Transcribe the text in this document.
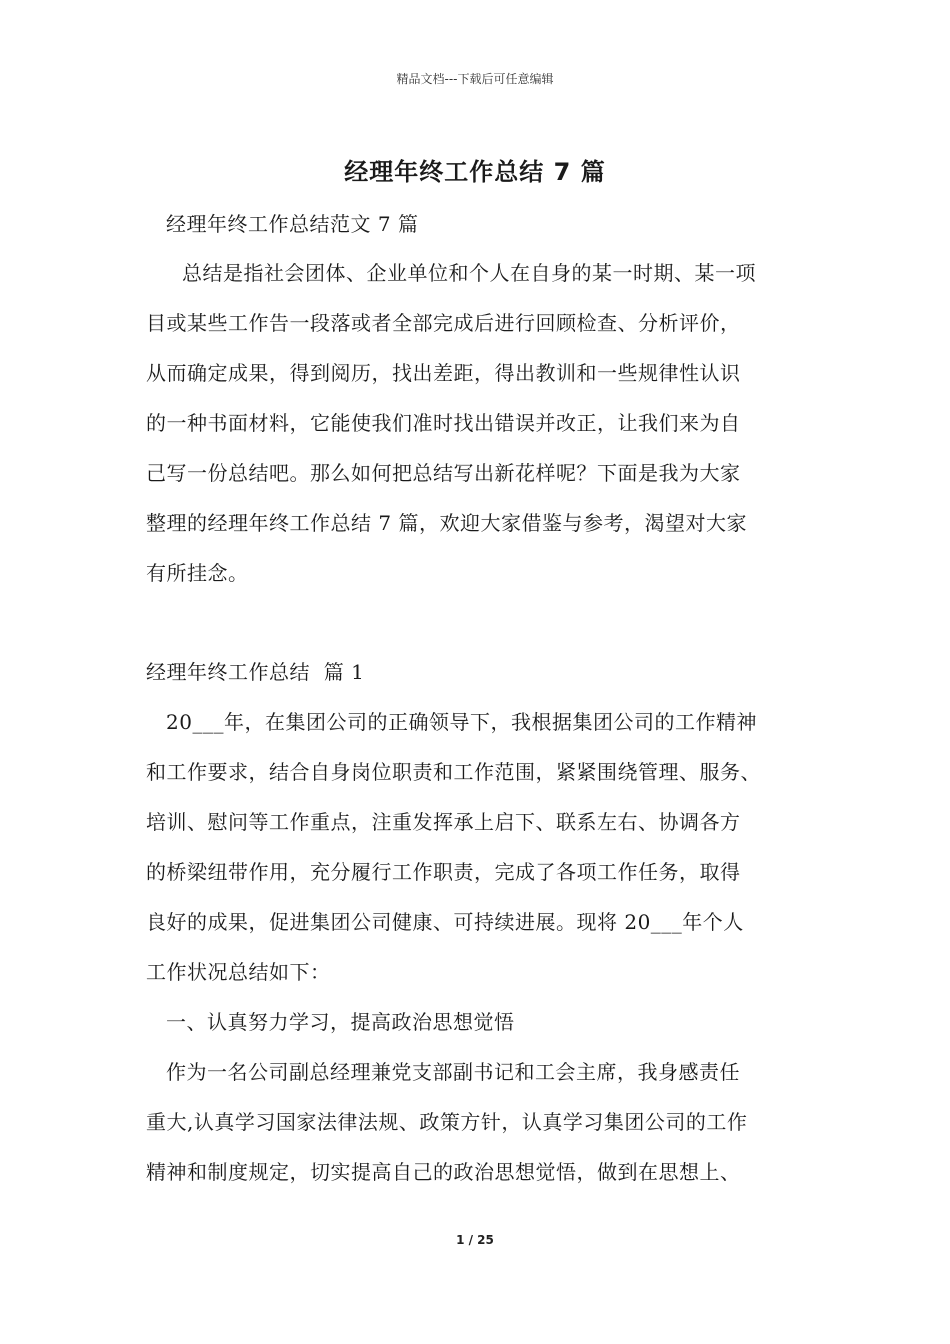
精品文档---下载后可任意编辑
经理年终工作总结 7 篇
经理年终工作总结范文 7 篇
总结是指社会团体、企业单位和个人在自身的某一时期、某一项
目或某些工作告一段落或者全部完成后进行回顾检查、分析评价，
从而确定成果，得到阅历，找出差距，得出教训和一些规律性认识
的一种书面材料，它能使我们准时找出错误并改正，让我们来为自
己写一份总结吧。那么如何把总结写出新花样呢？下面是我为大家
整理的经理年终工作总结 7 篇，欢迎大家借鉴与参考，渴望对大家
有所挂念。
经理年终工作总结  篇 1
20___年，在集团公司的正确领导下，我根据集团公司的工作精神
和工作要求，结合自身岗位职责和工作范围，紧紧围绕管理、服务、
培训、慰问等工作重点，注重发挥承上启下、联系左右、协调各方
的桥梁纽带作用，充分履行工作职责，完成了各项工作任务，取得
良好的成果，促进集团公司健康、可持续进展。现将 20___年个人
工作状况总结如下：
一、认真努力学习，提高政治思想觉悟
作为一名公司副总经理兼党支部副书记和工会主席，我身感责任
重大,认真学习国家法律法规、政策方针，认真学习集团公司的工作
精神和制度规定，切实提高自己的政治思想觉悟，做到在思想上、
1 / 25
